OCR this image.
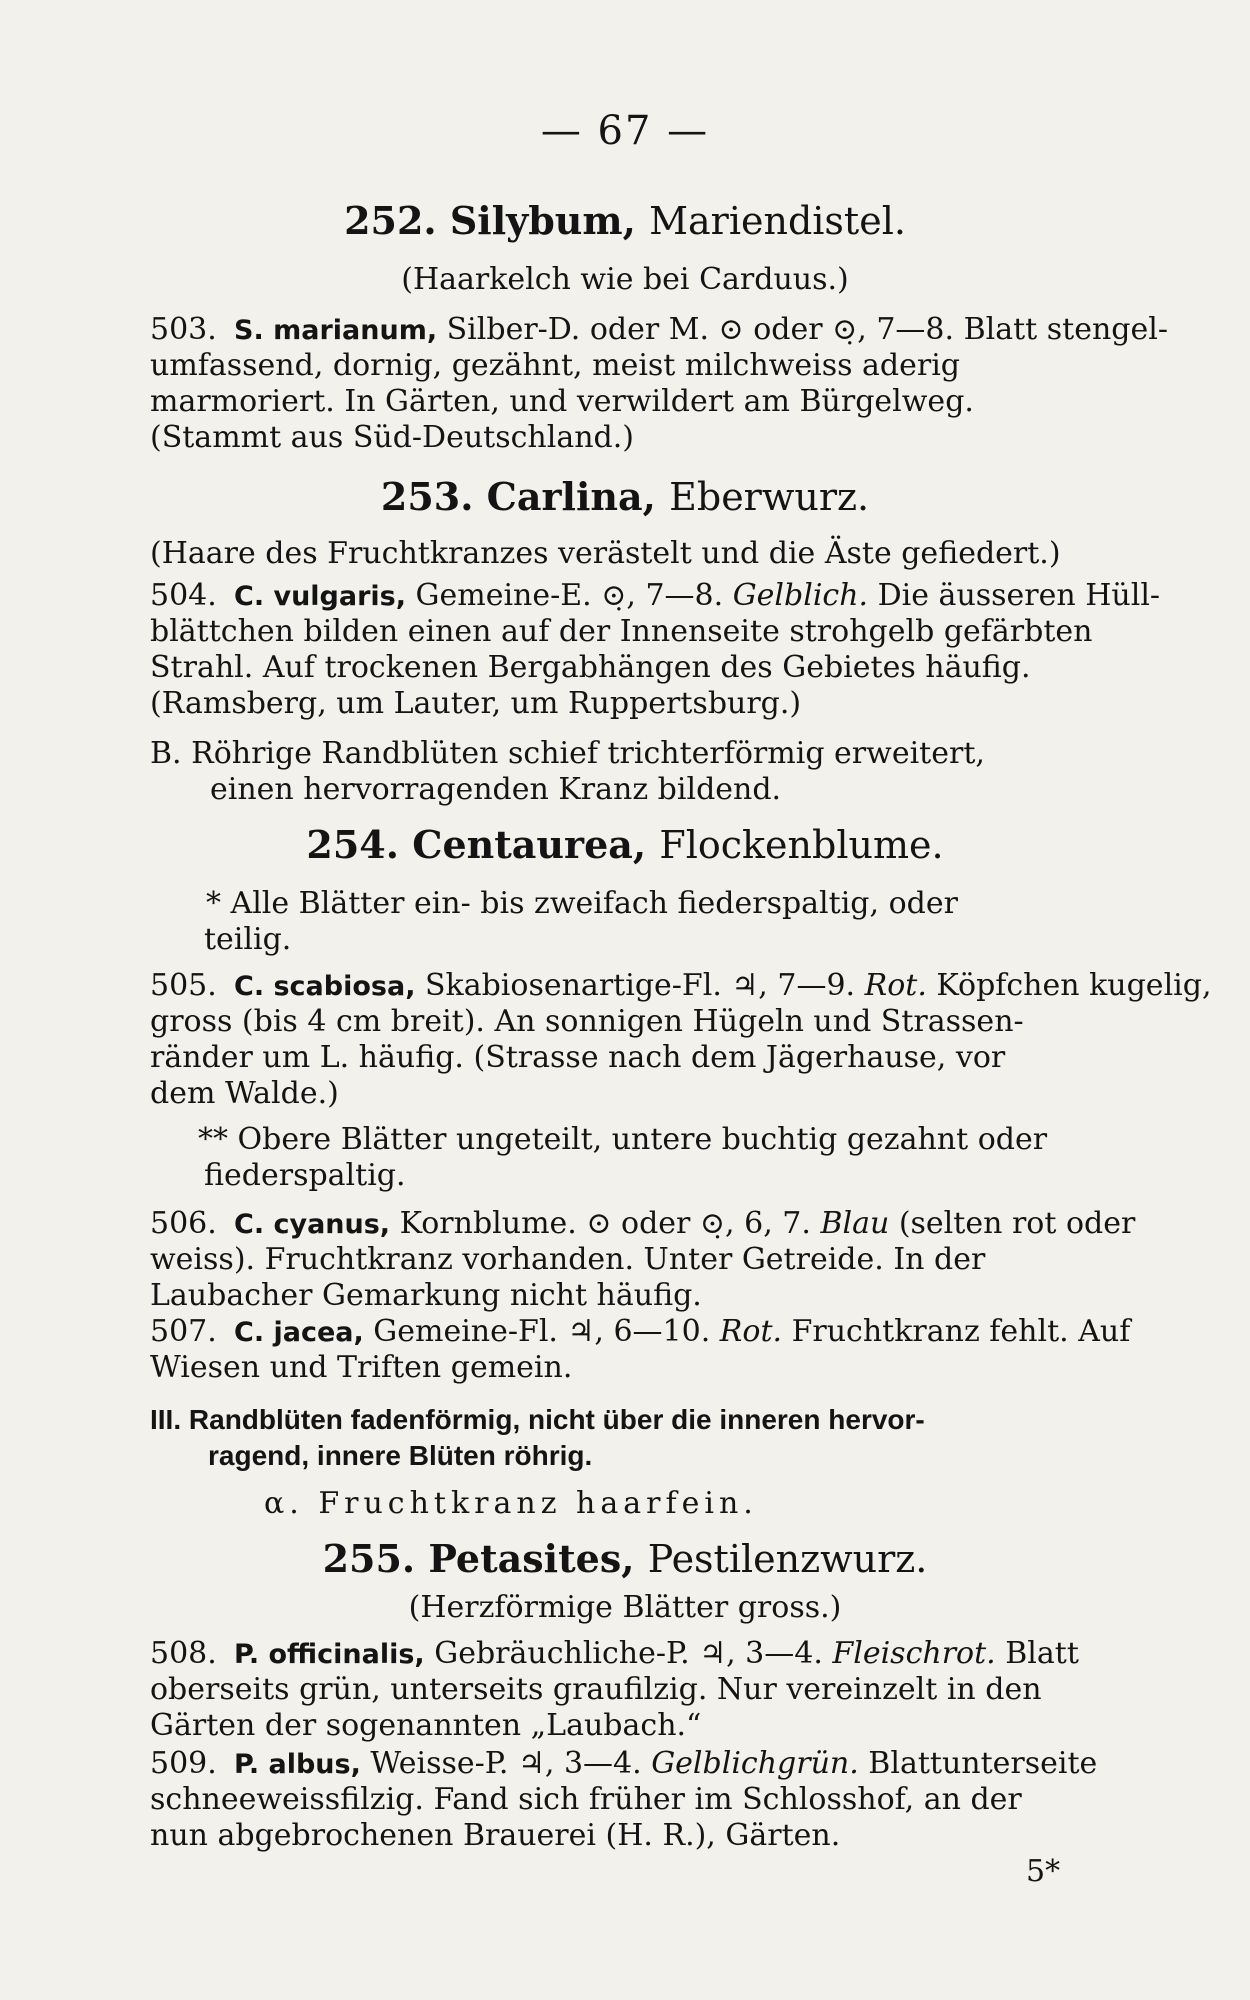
— 67 —
252. Silybum, Mariendistel.
(Haarkelch wie bei Carduus.)
503. S. marianum, Silber-D. oder M. ⊙ oder ⊙̣, 7—8. Blatt stengel-
umfassend, dornig, gezähnt, meist milchweiss aderig
marmoriert. In Gärten, und verwildert am Bürgelweg.
(Stammt aus Süd-Deutschland.)
253. Carlina, Eberwurz.
(Haare des Fruchtkranzes verästelt und die Äste gefiedert.)
504. C. vulgaris, Gemeine-E. ⊙̣, 7—8. Gelblich. Die äusseren Hüll-
blättchen bilden einen auf der Innenseite strohgelb gefärbten
Strahl. Auf trockenen Bergabhängen des Gebietes häufig.
(Ramsberg, um Lauter, um Ruppertsburg.)
B. Röhrige Randblüten schief trichterförmig erweitert,
einen hervorragenden Kranz bildend.
254. Centaurea, Flockenblume.
* Alle Blätter ein- bis zweifach fiederspaltig, oder
teilig.
505. C. scabiosa, Skabiosenartige-Fl. ♃, 7—9. Rot. Köpfchen kugelig,
gross (bis 4 cm breit). An sonnigen Hügeln und Strassen-
ränder um L. häufig. (Strasse nach dem Jägerhause, vor
dem Walde.)
** Obere Blätter ungeteilt, untere buchtig gezahnt oder
fiederspaltig.
506. C. cyanus, Kornblume. ⊙ oder ⊙̣, 6, 7. Blau (selten rot oder
weiss). Fruchtkranz vorhanden. Unter Getreide. In der
Laubacher Gemarkung nicht häufig.
507. C. jacea, Gemeine-Fl. ♃, 6—10. Rot. Fruchtkranz fehlt. Auf
Wiesen und Triften gemein.
III. Randblüten fadenförmig, nicht über die inneren hervor-
ragend, innere Blüten röhrig.
α. Fruchtkranz haarfein.
255. Petasites, Pestilenzwurz.
(Herzförmige Blätter gross.)
508. P. officinalis, Gebräuchliche-P. ♃, 3—4. Fleischrot. Blatt
oberseits grün, unterseits graufilzig. Nur vereinzelt in den
Gärten der sogenannten „Laubach.“
509. P. albus, Weisse-P. ♃, 3—4. Gelblichgrün. Blattunterseite
schneeweissfilzig. Fand sich früher im Schlosshof, an der
nun abgebrochenen Brauerei (H. R.), Gärten.
5*
